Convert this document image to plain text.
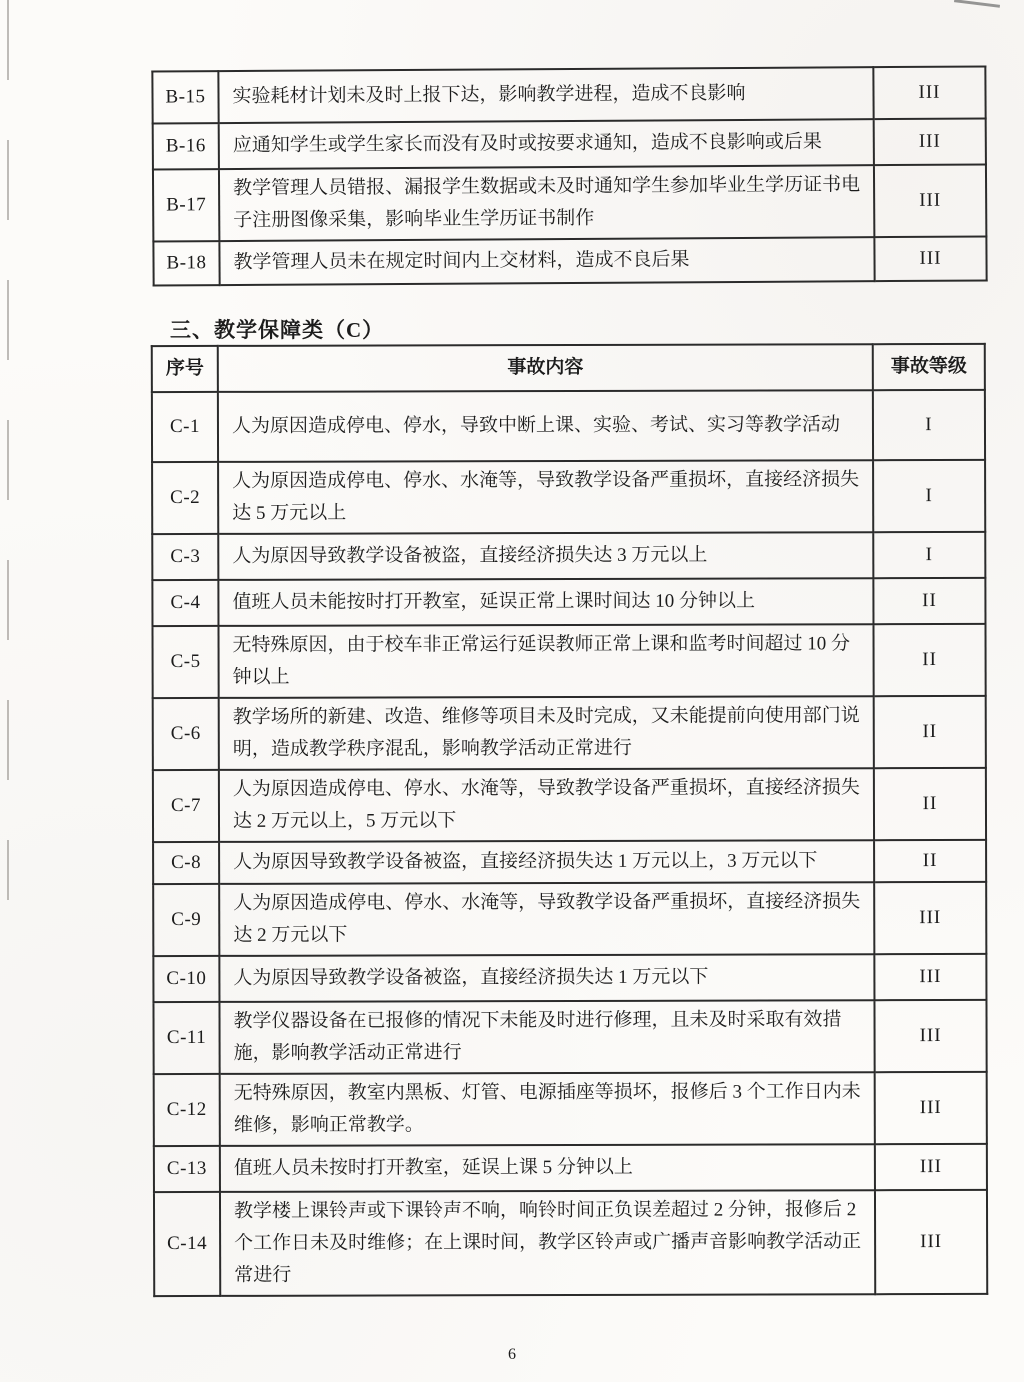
B-15	实验耗材计划未及时上报下达，影响教学进程，造成不良影响	III
B-16	应通知学生或学生家长而没有及时或按要求通知，造成不良影响或后果	III
B-17	教学管理人员错报、漏报学生数据或未及时通知学生参加毕业生学历证书电子注册图像采集，影响毕业生学历证书制作	III
B-18	教学管理人员未在规定时间内上交材料，造成不良后果	III
三、教学保障类（C）
序号	事故内容	事故等级
C-1	人为原因造成停电、停水，导致中断上课、实验、考试、实习等教学活动	I
C-2	人为原因造成停电、停水、水淹等，导致教学设备严重损坏，直接经济损失达 5 万元以上	I
C-3	人为原因导致教学设备被盗，直接经济损失达 3 万元以上	I
C-4	值班人员未能按时打开教室，延误正常上课时间达 10 分钟以上	II
C-5	无特殊原因，由于校车非正常运行延误教师正常上课和监考时间超过 10 分钟以上	II
C-6	教学场所的新建、改造、维修等项目未及时完成，又未能提前向使用部门说明，造成教学秩序混乱，影响教学活动正常进行	II
C-7	人为原因造成停电、停水、水淹等，导致教学设备严重损坏，直接经济损失达 2 万元以上，5 万元以下	II
C-8	人为原因导致教学设备被盗，直接经济损失达 1 万元以上，3 万元以下	II
C-9	人为原因造成停电、停水、水淹等，导致教学设备严重损坏，直接经济损失达 2 万元以下	III
C-10	人为原因导致教学设备被盗，直接经济损失达 1 万元以下	III
C-11	教学仪器设备在已报修的情况下未能及时进行修理，且未及时采取有效措施，影响教学活动正常进行	III
C-12	无特殊原因，教室内黑板、灯管、电源插座等损坏，报修后 3 个工作日内未维修，影响正常教学。	III
C-13	值班人员未按时打开教室，延误上课 5 分钟以上	III
C-14	教学楼上课铃声或下课铃声不响，响铃时间正负误差超过 2 分钟，报修后 2 个工作日未及时维修；在上课时间，教学区铃声或广播声音影响教学活动正常进行	III
6
